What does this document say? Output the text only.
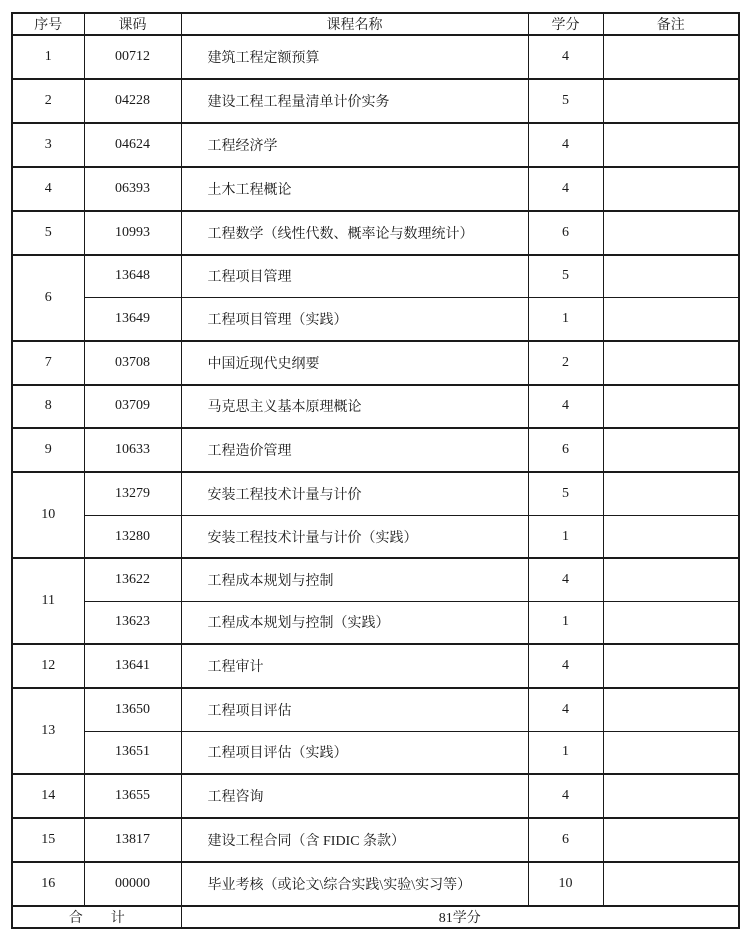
序号	课码	课程名称	学分	备注
1	00712	建筑工程定额预算	4	
2	04228	建设工程工程量清单计价实务	5	
3	04624	工程经济学	4	
4	06393	土木工程概论	4	
5	10993	工程数学（线性代数、概率论与数理统计）	6	
6	13648	工程项目管理	5	
	13649	工程项目管理（实践）	1	
7	03708	中国近现代史纲要	2	
8	03709	马克思主义基本原理概论	4	
9	10633	工程造价管理	6	
10	13279	安装工程技术计量与计价	5	
	13280	安装工程技术计量与计价（实践）	1	
11	13622	工程成本规划与控制	4	
	13623	工程成本规划与控制（实践）	1	
12	13641	工程审计	4	
13	13650	工程项目评估	4	
	13651	工程项目评估（实践）	1	
14	13655	工程咨询	4	
15	13817	建设工程合同（含 FIDIC 条款）	6	
16	00000	毕业考核（或论文\综合实践\实验\实习等）	10	
合　　计		81学分		
